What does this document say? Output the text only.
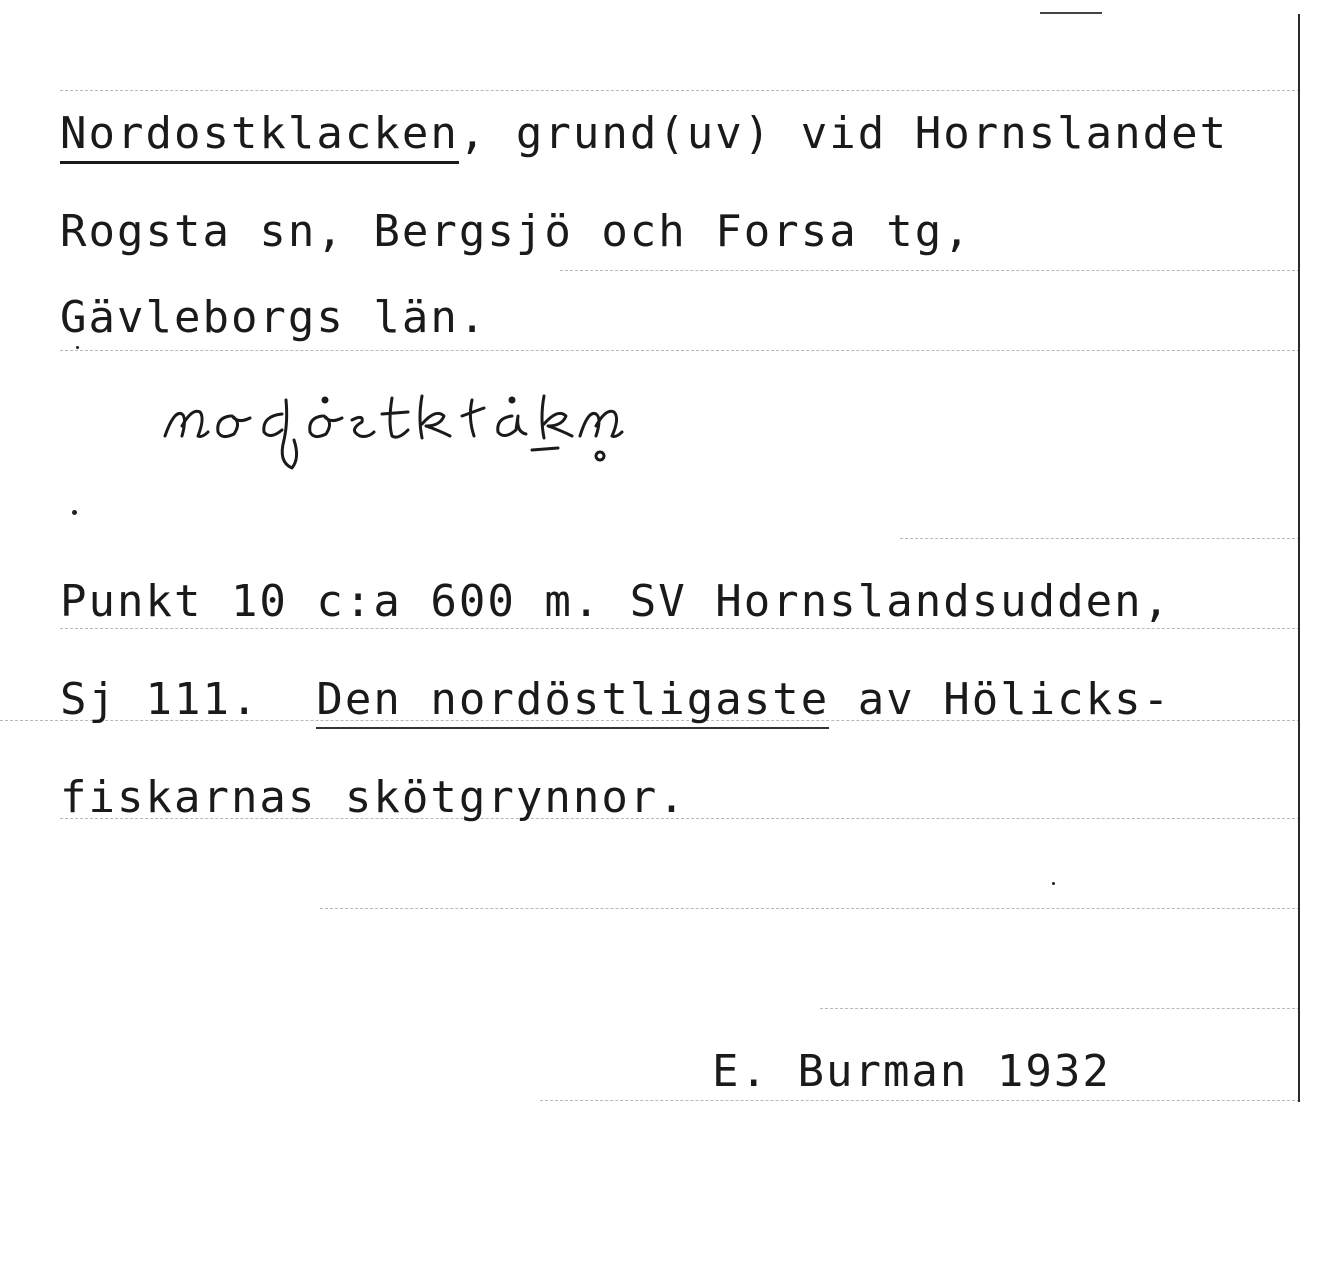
Nordostklacken, grund(uv) vid Hornslandet
Rogsta sn, Bergsjö och Forsa tg,
Gävleborgs län.
Punkt 10 c:a 600 m. SV Hornslandsudden,
Sj 111.  Den nordöstligaste av Hölicks-
fiskarnas skötgrynnor.
E. Burman 1932
